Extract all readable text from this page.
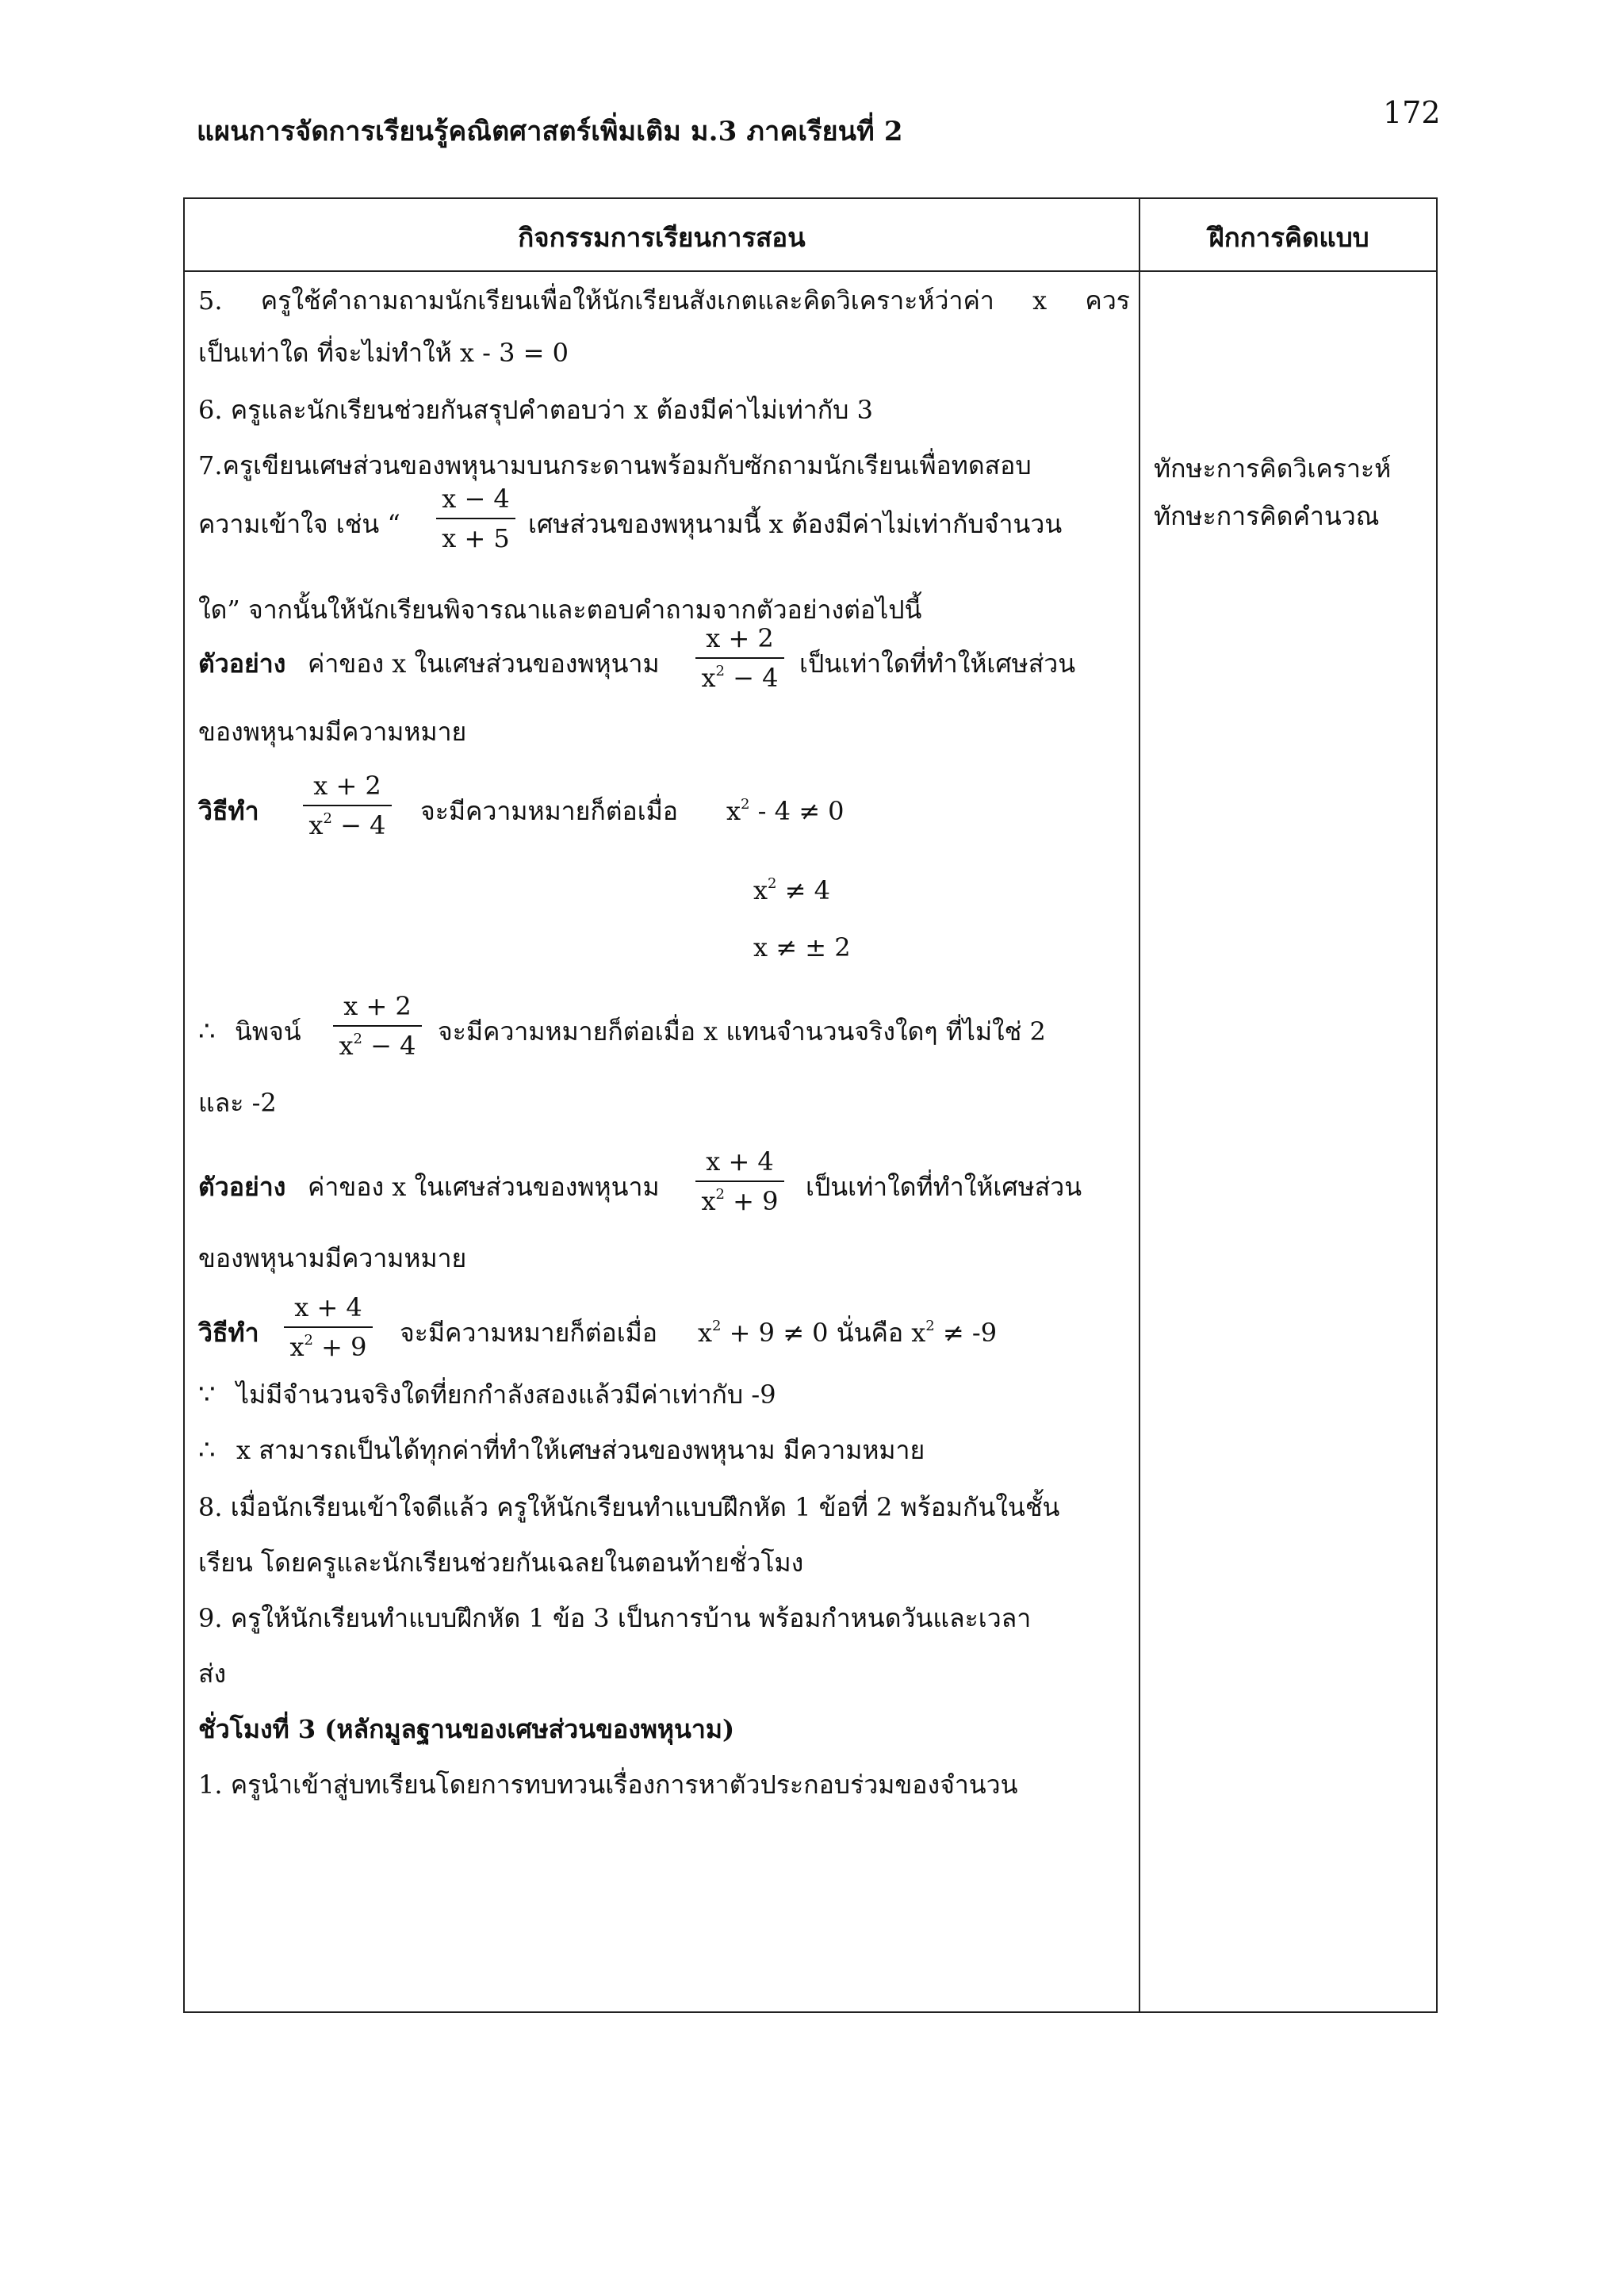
แผนการจัดการเรียนรู้คณิตศาสตร์เพิ่มเติม ม.3 ภาคเรียนที่ 2
172
กิจกรรมการเรียนการสอน	ฝึกการคิดแบบ
5. ครูใช้คำถามถามนักเรียนเพื่อให้นักเรียนสังเกตและคิดวิเคราะห์ว่าค่า x ควร
เป็นเท่าใด ที่จะไม่ทำให้ x - 3 = 0
6. ครูและนักเรียนช่วยกันสรุปคำตอบว่า x ต้องมีค่าไม่เท่ากับ 3
7.ครูเขียนเศษส่วนของพหุนามบนกระดานพร้อมกับซักถามนักเรียนเพื่อทดสอบ
ความเข้าใจ เช่น “
x − 4
x + 5 เศษส่วนของพหุนามนี้ x ต้องมีค่าไม่เท่ากับจำนวน
ใด” จากนั้นให้นักเรียนพิจารณาและตอบคำถามจากตัวอย่างต่อไปนี้
ตัวอย่าง ค่าของ x ในเศษส่วนของพหุนาม
x + 2
$x^2 - 4$ เป็นเท่าใดที่ทำให้เศษส่วน
ของพหุนามมีความหมาย
วิธีทำ
x + 2
$x^2 - 4$ จะมีความหมายก็ต่อเมื่อ $x^2 - 4 \ne 0$
$x^2 \ne 4$
x ≠ ± 2
∴ นิพจน์
x + 2
$x^2 - 4$ จะมีความหมายก็ต่อเมื่อ x แทนจำนวนจริงใดๆ ที่ไม่ใช่ 2
และ -2
ตัวอย่าง ค่าของ x ในเศษส่วนของพหุนาม
x + 4
$x^2 + 9$ เป็นเท่าใดที่ทำให้เศษส่วน
ของพหุนามมีความหมาย
วิธีทำ
x + 4
$x^2 + 9$ จะมีความหมายก็ต่อเมื่อ $x^2 + 9 \ne 0$ นั่นคือ $x^2 \ne -9$
∵ ไม่มีจำนวนจริงใดที่ยกกำลังสองแล้วมีค่าเท่ากับ -9
∴ x สามารถเป็นได้ทุกค่าที่ทำให้เศษส่วนของพหุนาม มีความหมาย
8. เมื่อนักเรียนเข้าใจดีแล้ว ครูให้นักเรียนทำแบบฝึกหัด 1 ข้อที่ 2 พร้อมกันในชั้น
เรียน โดยครูและนักเรียนช่วยกันเฉลยในตอนท้ายชั่วโมง
9. ครูให้นักเรียนทำแบบฝึกหัด 1 ข้อ 3 เป็นการบ้าน พร้อมกำหนดวันและเวลา
ส่ง
ชั่วโมงที่ 3 (หลักมูลฐานของเศษส่วนของพหุนาม)
1. ครูนำเข้าสู่บทเรียนโดยการทบทวนเรื่องการหาตัวประกอบร่วมของจำนวน
ทักษะการคิดวิเคราะห์
ทักษะการคิดคำนวณ
